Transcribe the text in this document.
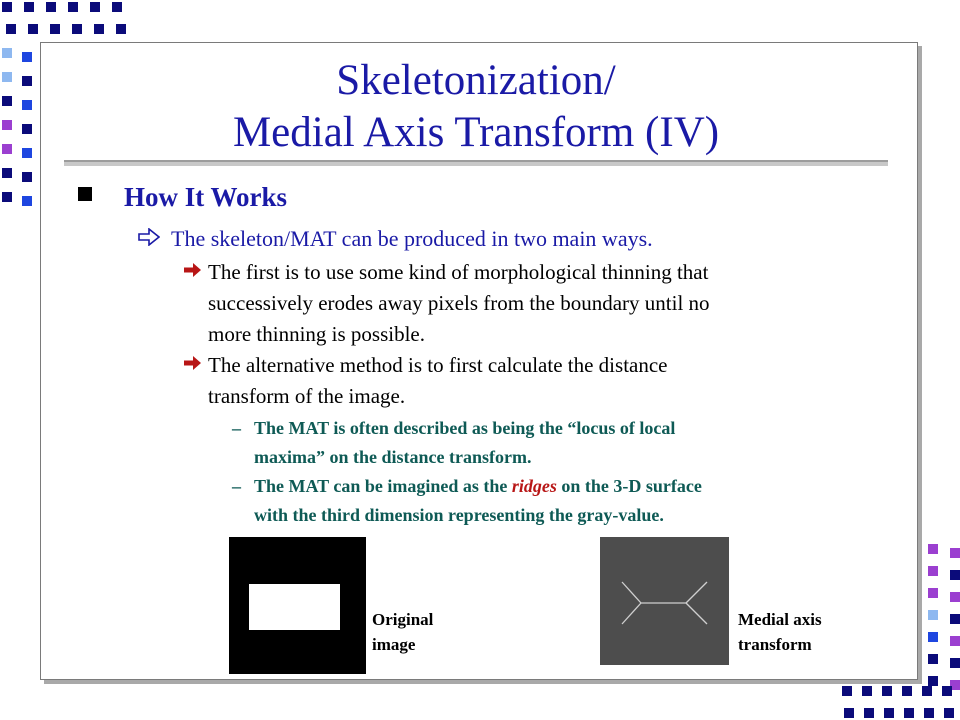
Skeletonization/
Medial Axis Transform (IV)
How It Works
The skeleton/MAT can be produced in two main ways.
The first is to use some kind of morphological thinning that
successively erodes away pixels from the boundary until no
more thinning is possible.
The alternative method is to first calculate the distance
transform of the image.
– The MAT is often described as being the “locus of local
maxima” on the distance transform.
– The MAT can be imagined as the ridges on the 3-D surface
with the third dimension representing the gray-value.
Original
image
Medial axis
transform
